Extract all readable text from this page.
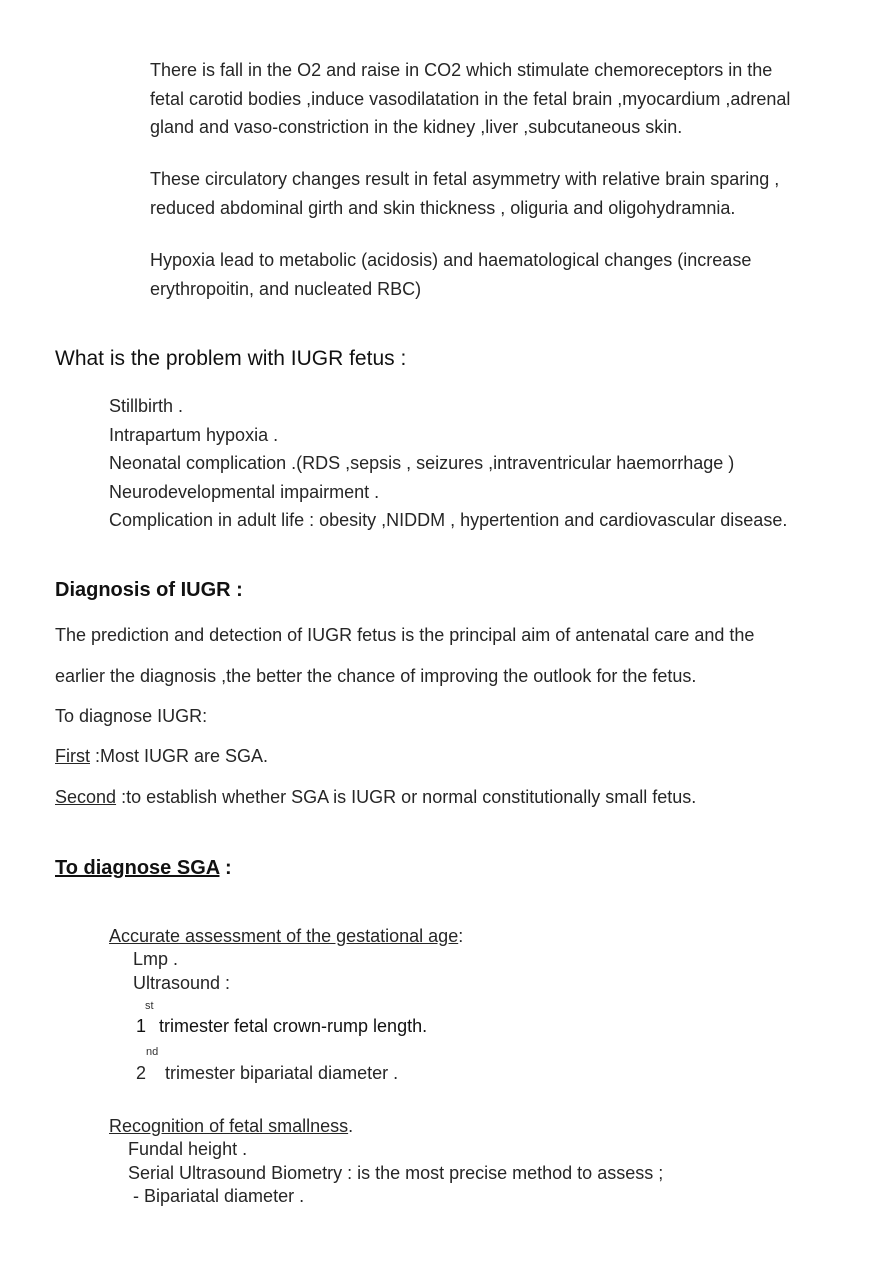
There is fall in the O2 and raise in CO2 which stimulate chemoreceptors in the
fetal carotid bodies ,induce vasodilatation in the fetal brain ,myocardium ,adrenal
gland and vaso-constriction in the kidney ,liver ,subcutaneous skin.
These circulatory changes result in fetal asymmetry with relative brain sparing ,
reduced abdominal girth and skin thickness , oliguria and oligohydramnia.
Hypoxia lead to metabolic (acidosis) and haematological changes (increase
erythropoitin, and nucleated RBC)
What is the problem with IUGR fetus :
Stillbirth .
Intrapartum hypoxia .
Neonatal complication .(RDS ,sepsis , seizures ,intraventricular haemorrhage )
Neurodevelopmental impairment .
Complication in adult life : obesity ,NIDDM , hypertention and cardiovascular disease.
Diagnosis of IUGR :
The prediction and detection of IUGR fetus is the principal aim of antenatal care and the
earlier the diagnosis ,the better the chance of improving the outlook for the fetus.
To diagnose IUGR:
First :Most IUGR are SGA.
Second :to establish whether SGA is IUGR or normal constitutionally small fetus.
To diagnose SGA :
Accurate assessment of the gestational age:
Lmp .
Ultrasound :
st
1 trimester fetal crown-rump length.
nd
2 trimester bipariatal diameter .
Recognition of fetal smallness.
Fundal height .
Serial Ultrasound Biometry : is the most precise method to assess ;
- Bipariatal diameter .
